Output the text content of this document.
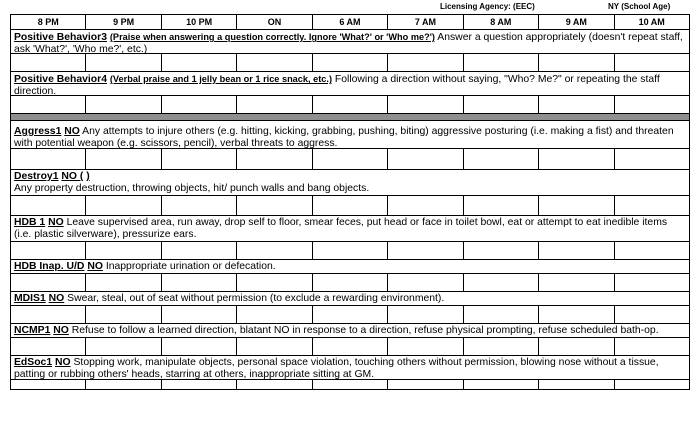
Licensing Agency: (EEC)	NY (School Age)
8 PM	9 PM	10 PM	ON	6 AM	7 AM	8 AM	9 AM	10 AM
Positive Behavior3 (Praise when answering a question correctly. Ignore 'What?' or 'Who me?') Answer a question appropriately (doesn't repeat staff, ask 'What?', 'Who me?', etc.)
Positive Behavior4 (Verbal praise and 1 jelly bean or 1 rice snack, etc.) Following a direction without saying, "Who? Me?" or repeating the staff direction.
Aggress1 NO Any attempts to injure others (e.g. hitting, kicking, grabbing, pushing, biting) aggressive posturing (i.e. making a fist) and threaten with potential weapon (e.g. scissors, pencil), verbal threats to aggress.
Destroy1 NO ( )
Any property destruction, throwing objects, hit/ punch walls and bang objects.
HDB 1 NO Leave supervised area, run away, drop self to floor, smear feces, put head or face in toilet bowl, eat or attempt to eat inedible items (i.e. plastic silverware), pressurize ears.
HDB Inap. U/D NO Inappropriate urination or defecation.
MDIS1 NO Swear, steal, out of seat without permission (to exclude a rewarding environment).
NCMP1 NO Refuse to follow a learned direction, blatant NO in response to a direction, refuse physical prompting, refuse scheduled bath-op.
EdSoc1 NO Stopping work, manipulate objects, personal space violation, touching others without permission, blowing nose without a tissue, patting or rubbing others' heads, starring at others, inappropriate sitting at GM.
